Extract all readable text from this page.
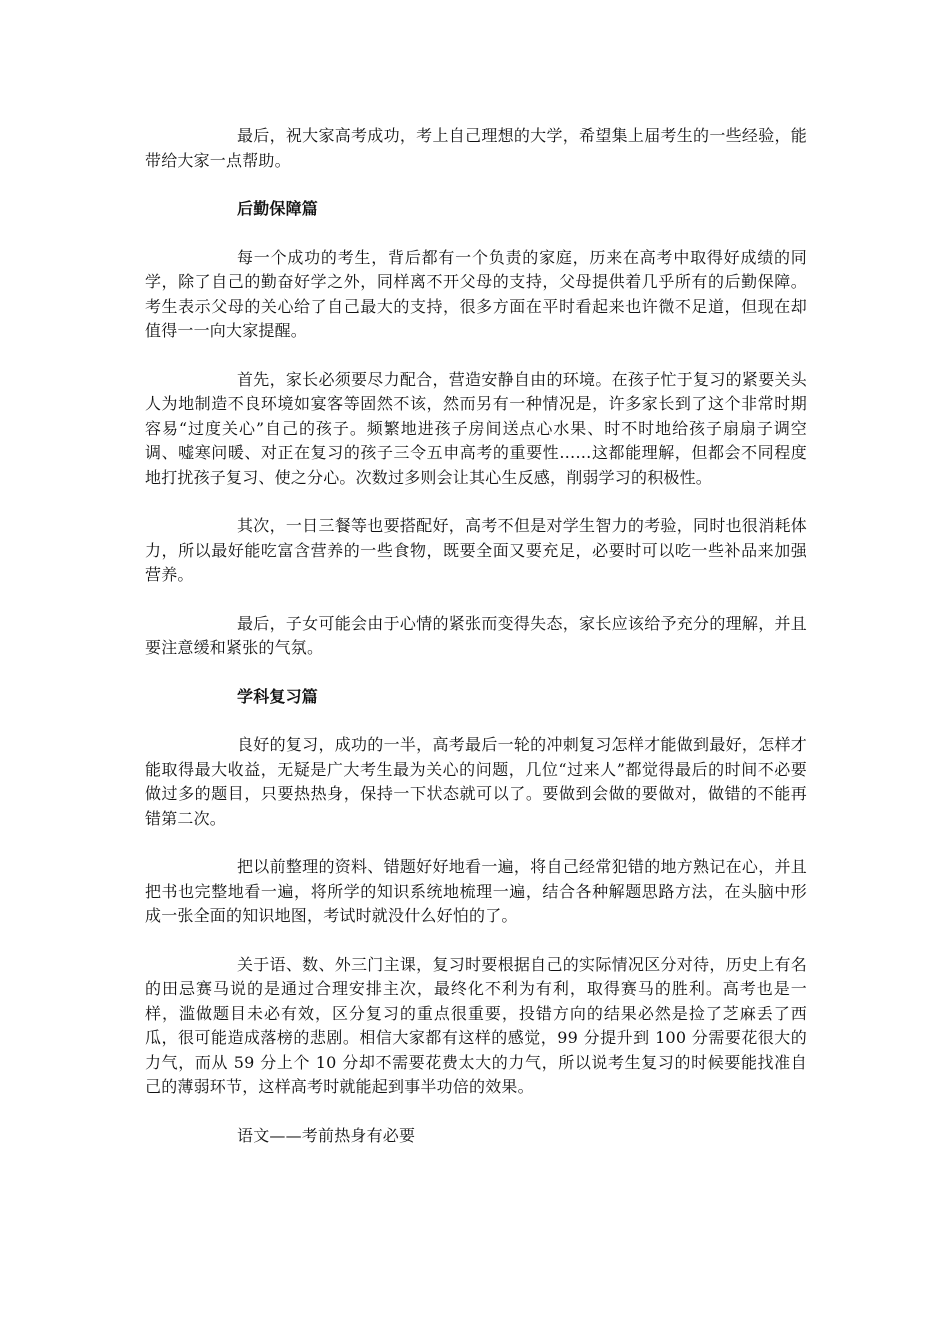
最后，祝大家高考成功，考上自己理想的大学，希望集上届考生的一些经验，能带给大家一点帮助。

后勤保障篇

每一个成功的考生，背后都有一个负责的家庭，历来在高考中取得好成绩的同学，除了自己的勤奋好学之外，同样离不开父母的支持，父母提供着几乎所有的后勤保障。考生表示父母的关心给了自己最大的支持，很多方面在平时看起来也许微不足道，但现在却值得一一向大家提醒。

首先，家长必须要尽力配合，营造安静自由的环境。在孩子忙于复习的紧要关头人为地制造不良环境如宴客等固然不该，然而另有一种情况是，许多家长到了这个非常时期容易“过度关心”自己的孩子。频繁地进孩子房间送点心水果、时不时地给孩子扇扇子调空调、嘘寒问暖、对正在复习的孩子三令五申高考的重要性……这都能理解，但都会不同程度地打扰孩子复习、使之分心。次数过多则会让其心生反感，削弱学习的积极性。

其次，一日三餐等也要搭配好，高考不但是对学生智力的考验，同时也很消耗体力，所以最好能吃富含营养的一些食物，既要全面又要充足，必要时可以吃一些补品来加强营养。

最后，子女可能会由于心情的紧张而变得失态，家长应该给予充分的理解，并且要注意缓和紧张的气氛。

学科复习篇

良好的复习，成功的一半，高考最后一轮的冲刺复习怎样才能做到最好，怎样才能取得最大收益，无疑是广大考生最为关心的问题，几位“过来人”都觉得最后的时间不必要做过多的题目，只要热热身，保持一下状态就可以了。要做到会做的要做对，做错的不能再错第二次。

把以前整理的资料、错题好好地看一遍，将自己经常犯错的地方熟记在心，并且把书也完整地看一遍，将所学的知识系统地梳理一遍，结合各种解题思路方法，在头脑中形成一张全面的知识地图，考试时就没什么好怕的了。

关于语、数、外三门主课，复习时要根据自己的实际情况区分对待，历史上有名的田忌赛马说的是通过合理安排主次，最终化不利为有利，取得赛马的胜利。高考也是一样，滥做题目未必有效，区分复习的重点很重要，投错方向的结果必然是捡了芝麻丢了西瓜，很可能造成落榜的悲剧。相信大家都有这样的感觉，99 分提升到 100 分需要花很大的力气，而从 59 分上个 10 分却不需要花费太大的力气，所以说考生复习的时候要能找准自己的薄弱环节，这样高考时就能起到事半功倍的效果。

语文——考前热身有必要
